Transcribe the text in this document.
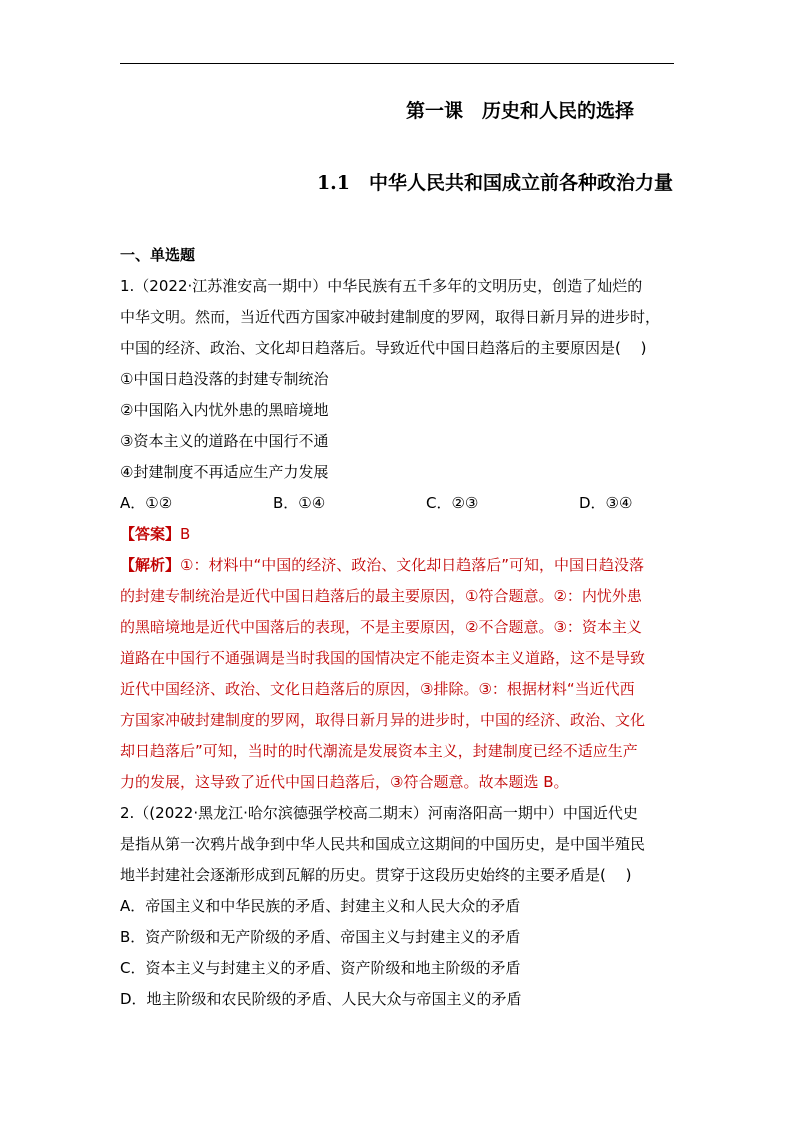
第一课　历史和人民的选择
1.1　中华人民共和国成立前各种政治力量
一、单选题
1.（2022·江苏淮安高一期中）中华民族有五千多年的文明历史，创造了灿烂的
中华文明。然而，当近代西方国家冲破封建制度的罗网，取得日新月异的进步时，
中国的经济、政治、文化却日趋落后。导致近代中国日趋落后的主要原因是(　 )
①中国日趋没落的封建专制统治
②中国陷入内忧外患的黑暗境地
③资本主义的道路在中国行不通
④封建制度不再适应生产力发展
A．①②	B．①④	C．②③	D．③④
【答案】B
【解析】①：材料中“中国的经济、政治、文化却日趋落后”可知，中国日趋没落
的封建专制统治是近代中国日趋落后的最主要原因，①符合题意。②：内忧外患
的黑暗境地是近代中国落后的表现，不是主要原因，②不合题意。③：资本主义
道路在中国行不通强调是当时我国的国情决定不能走资本主义道路，这不是导致
近代中国经济、政治、文化日趋落后的原因，③排除。③：根据材料“当近代西
方国家冲破封建制度的罗网，取得日新月异的进步时，中国的经济、政治、文化
却日趋落后”可知，当时的时代潮流是发展资本主义，封建制度已经不适应生产
力的发展，这导致了近代中国日趋落后，③符合题意。故本题选 B。
2.（(2022·黑龙江·哈尔滨德强学校高二期末）河南洛阳高一期中）中国近代史
是指从第一次鸦片战争到中华人民共和国成立这期间的中国历史，是中国半殖民
地半封建社会逐渐形成到瓦解的历史。贯穿于这段历史始终的主要矛盾是(　 )
A．帝国主义和中华民族的矛盾、封建主义和人民大众的矛盾
B．资产阶级和无产阶级的矛盾、帝国主义与封建主义的矛盾
C．资本主义与封建主义的矛盾、资产阶级和地主阶级的矛盾
D．地主阶级和农民阶级的矛盾、人民大众与帝国主义的矛盾
